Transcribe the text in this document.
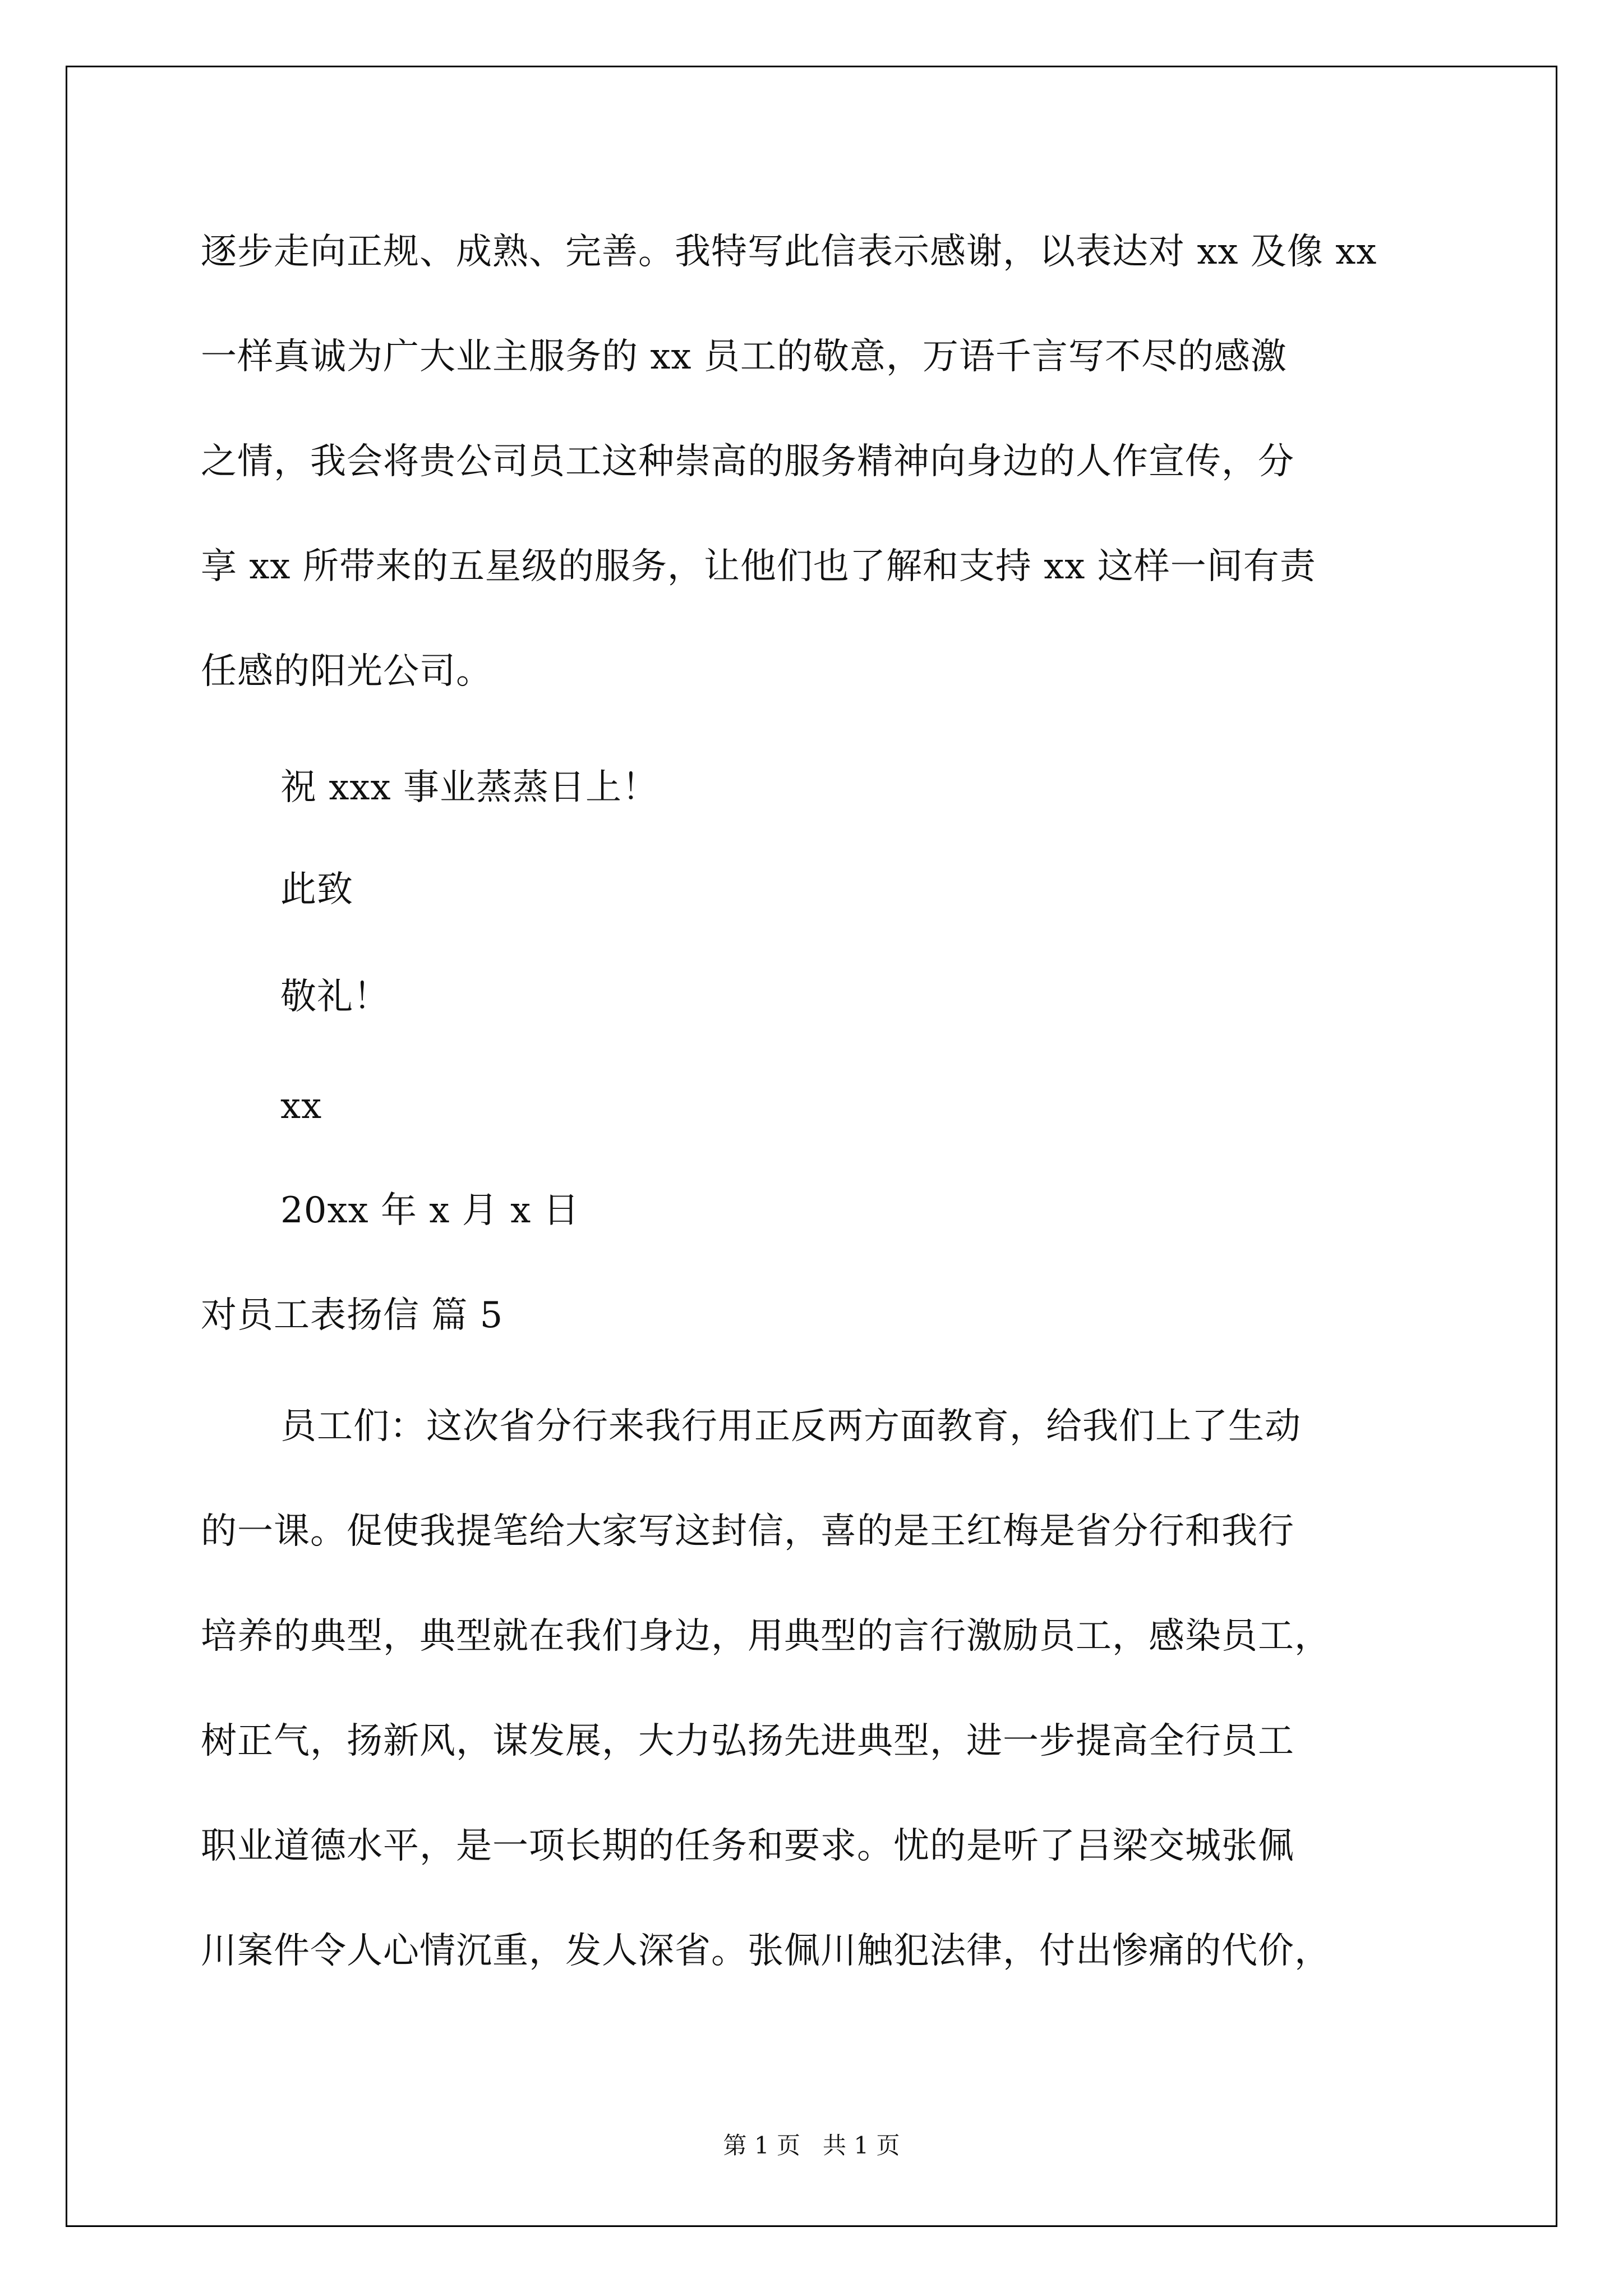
逐步走向正规、成熟、完善。我特写此信表示感谢，以表达对 xx 及像 xx
一样真诚为广大业主服务的 xx 员工的敬意，万语千言写不尽的感激
之情，我会将贵公司员工这种崇高的服务精神向身边的人作宣传，分
享 xx 所带来的五星级的服务，让他们也了解和支持 xx 这样一间有责
任感的阳光公司。
祝 xxx 事业蒸蒸日上！
此致
敬礼！
xx
20xx 年 x 月 x 日
对员工表扬信 篇 5
员工们：这次省分行来我行用正反两方面教育，给我们上了生动
的一课。促使我提笔给大家写这封信，喜的是王红梅是省分行和我行
培养的典型，典型就在我们身边，用典型的言行激励员工，感染员工，
树正气，扬新风，谋发展，大力弘扬先进典型，进一步提高全行员工
职业道德水平，是一项长期的任务和要求。忧的是听了吕梁交城张佩
川案件令人心情沉重，发人深省。张佩川触犯法律，付出惨痛的代价，
第 1 页   共 1 页
